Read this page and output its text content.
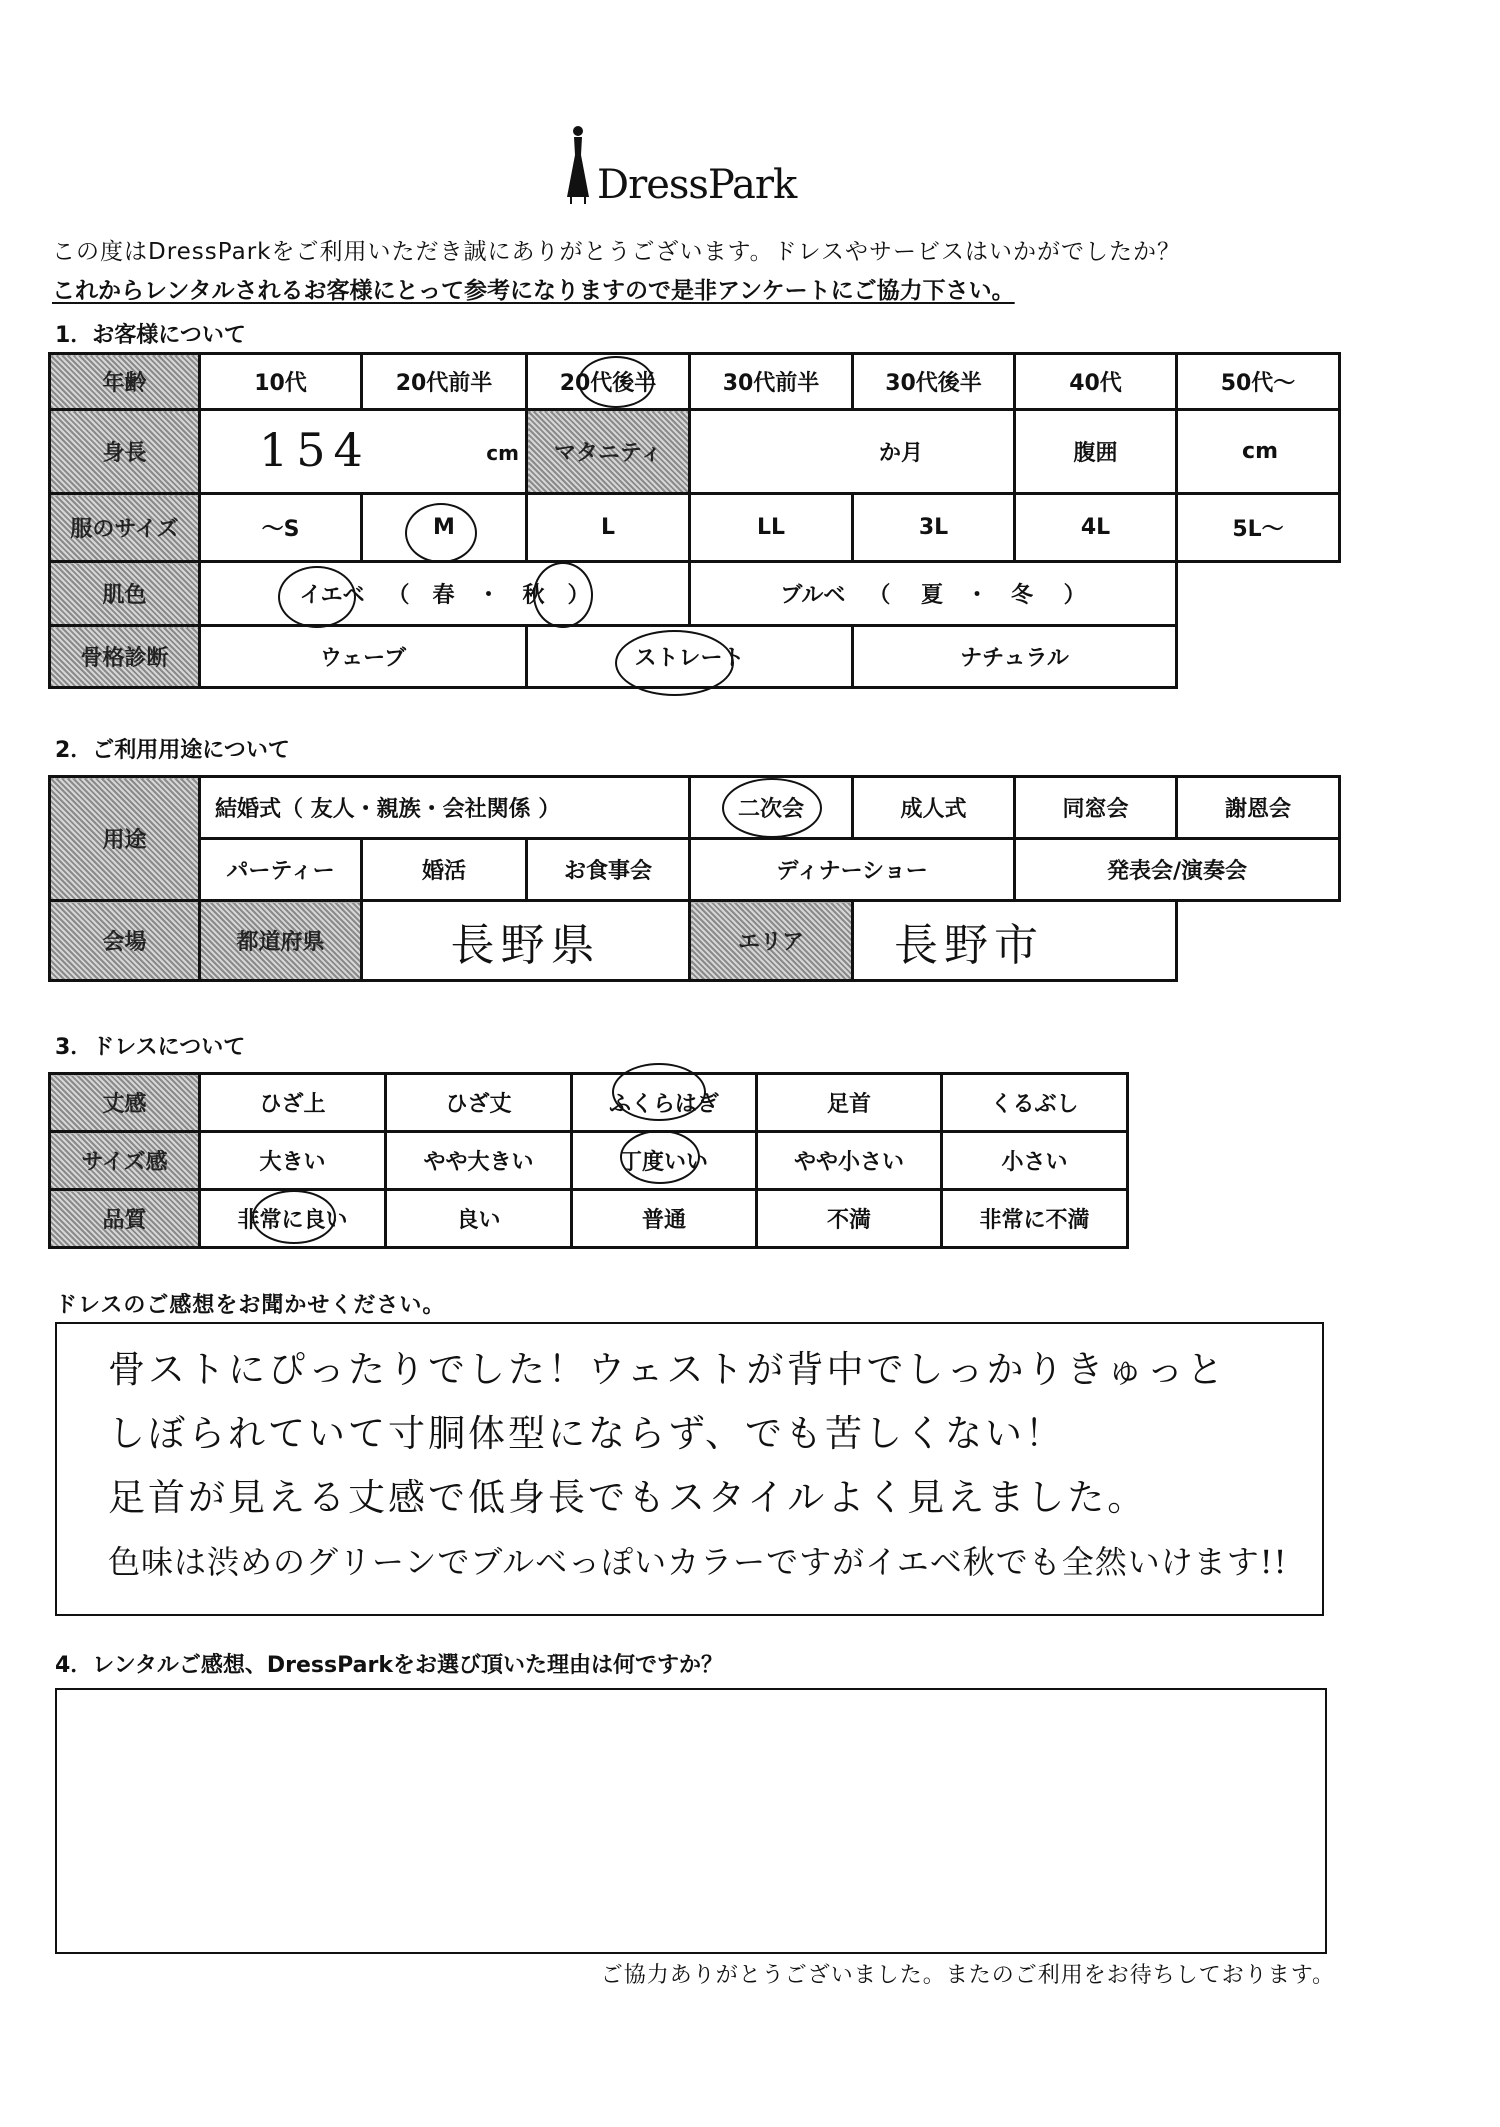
DressPark
この度はDressParkをご利用いただき誠にありがとうございます。ドレスやサービスはいかがでしたか？
これからレンタルされるお客様にとって参考になりますので是非アンケートにご協力下さい。
1．お客様について
年齢	10代	20代前半	20代後半	30代前半	30代後半	40代	50代～
身長	154 cm		マタニティ	か月		腹囲	cm
服のサイズ	～S	M	L	LL	3L	4L	5L～
肌色	イエベ   （   春   ・   秋   ）			ブルベ   （    夏   ・   冬    ）			
骨格診断	ウェーブ		ストレート		ナチュラル		
2．ご利用用途について
用途	結婚式（ 友人・親族・会社関係 ）			二次会	成人式	同窓会	謝恩会
	パーティー	婚活	お食事会	ディナーショー		発表会/演奏会	
会場	都道府県	長野県		エリア	長野市		
3．ドレスについて
丈感	ひざ上	ひざ丈	ふくらはぎ	足首	くるぶし
サイズ感	大きい	やや大きい	丁度いい	やや小さい	小さい
品質	非常に良い	良い	普通	不満	非常に不満
ドレスのご感想をお聞かせください。
骨ストにぴったりでした！ウェストが背中でしっかりきゅっと
しぼられていて寸胴体型にならず、でも苦しくない！
足首が見える丈感で低身長でもスタイルよく見えました。
色味は渋めのグリーンでブルベっぽいカラーですがイエベ秋でも全然いけます!!
4．レンタルご感想、DressParkをお選び頂いた理由は何ですか？
ご協力ありがとうございました。またのご利用をお待ちしております。
